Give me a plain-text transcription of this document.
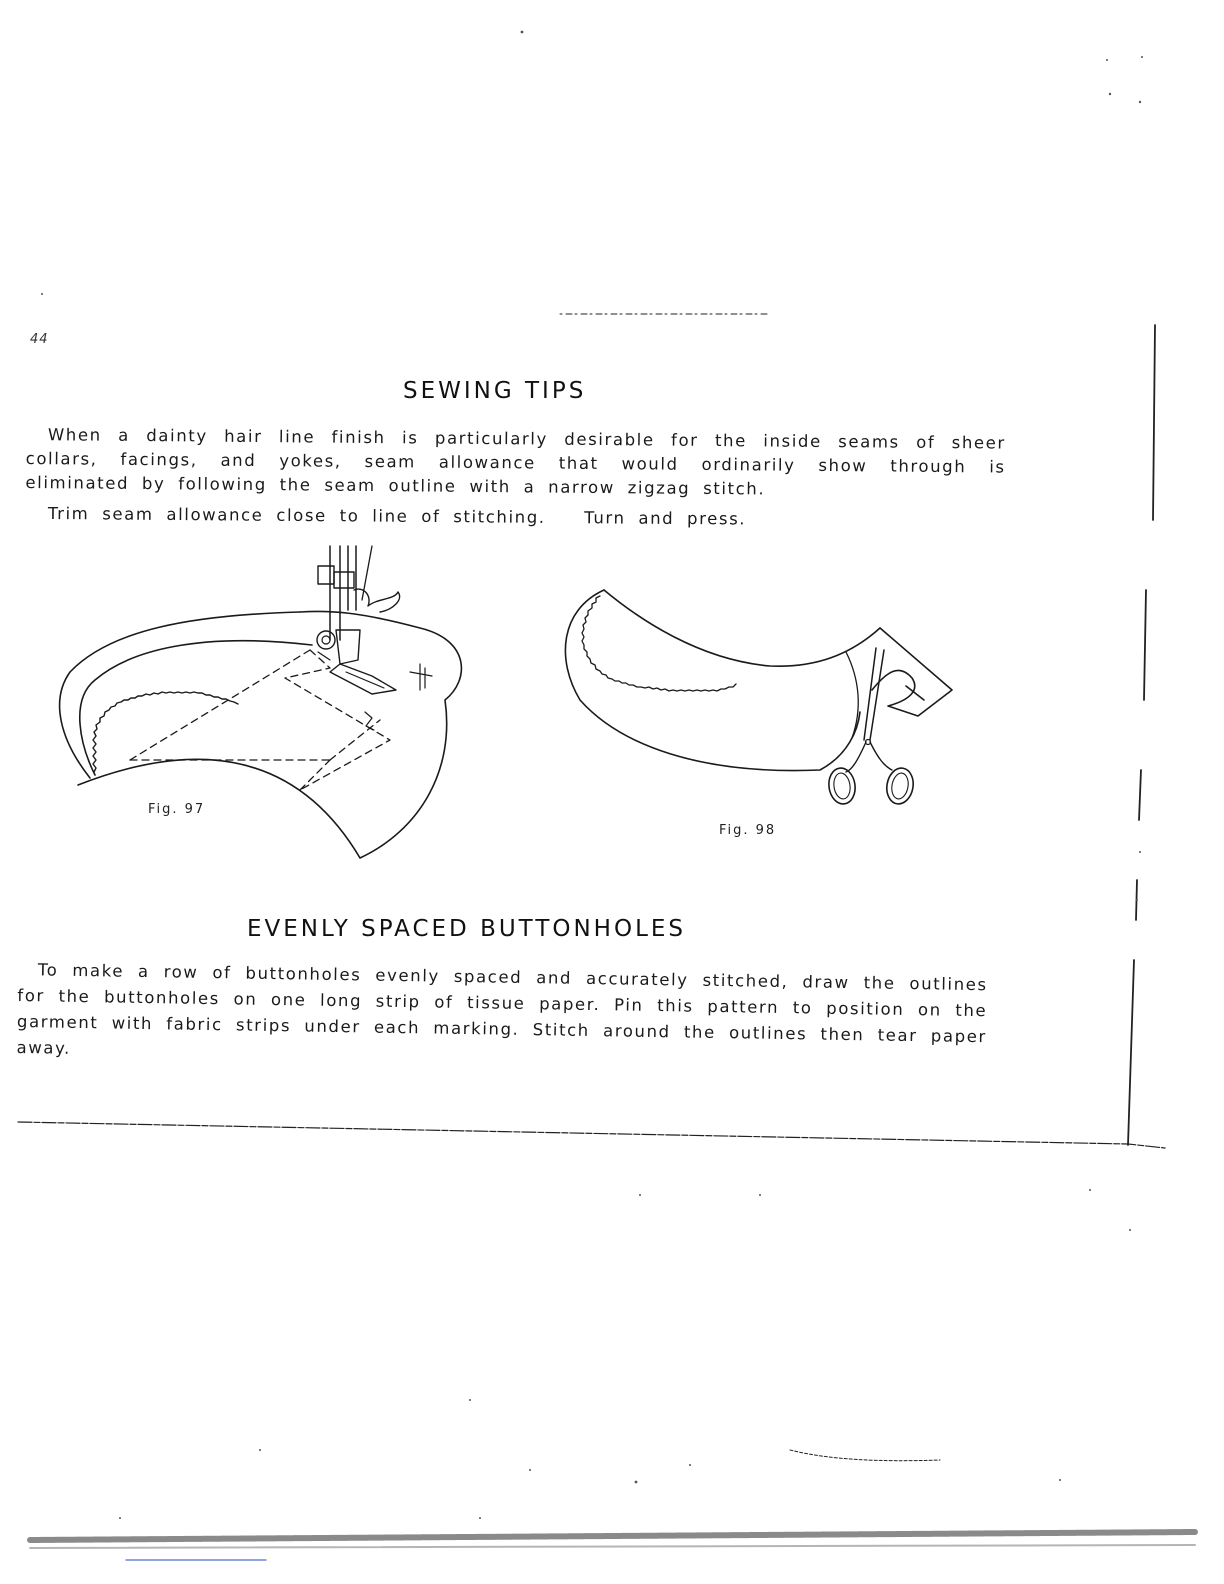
44
SEWING TIPS

When a dainty hair line finish is particularly desirable for the inside seams of sheer collars, facings, and yokes, seam allowance that would ordinarily show through is eliminated by following the seam outline with a narrow zigzag stitch.

Trim seam allowance close to line of stitching.   Turn and press.

Fig. 97
Fig. 98
EVENLY SPACED BUTTONHOLES

To make a row of buttonholes evenly spaced and accurately stitched, draw the outlines for the buttonholes on one long strip of tissue paper. Pin this pattern to position on the garment with fabric strips under each marking. Stitch around the outlines then tear paper away.
